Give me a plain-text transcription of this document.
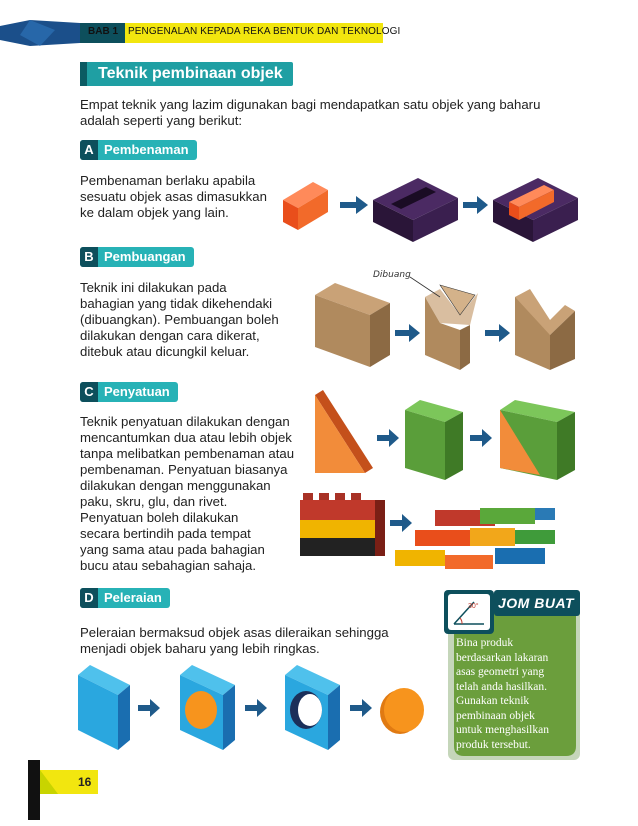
BAB 1 PENGENALAN KEPADA REKA BENTUK DAN TEKNOLOGI
Teknik pembinaan objek
Empat teknik yang lazim digunakan bagi mendapatkan satu objek yang baharu adalah seperti yang berikut:
A Pembenaman
Pembenaman berlaku apabila
sesuatu objek asas dimasukkan
ke dalam objek yang lain.
B Pembuangan
Teknik ini dilakukan pada
bahagian yang tidak dikehendaki
(dibuangkan). Pembuangan boleh
dilakukan dengan cara dikerat,
ditebuk atau dicungkil keluar.
Dibuang
C Penyatuan
Teknik penyatuan dilakukan dengan
mencantumkan dua atau lebih objek
tanpa melibatkan pembenaman atau
pembenaman. Penyatuan biasanya
dilakukan dengan menggunakan
paku, skru, glu, dan rivet.
Penyatuan boleh dilakukan
secara bertindih pada tempat
yang sama atau pada bahagian
bucu atau sebahagian sahaja.
D Peleraian
Peleraian bermaksud objek asas dileraikan sehingga
menjadi objek baharu yang lebih ringkas.
30° JOM BUAT
Bina produk
berdasarkan lakaran
asas geometri yang
telah anda hasilkan.
Gunakan teknik
pembinaan objek
untuk menghasilkan
produk tersebut.
16
